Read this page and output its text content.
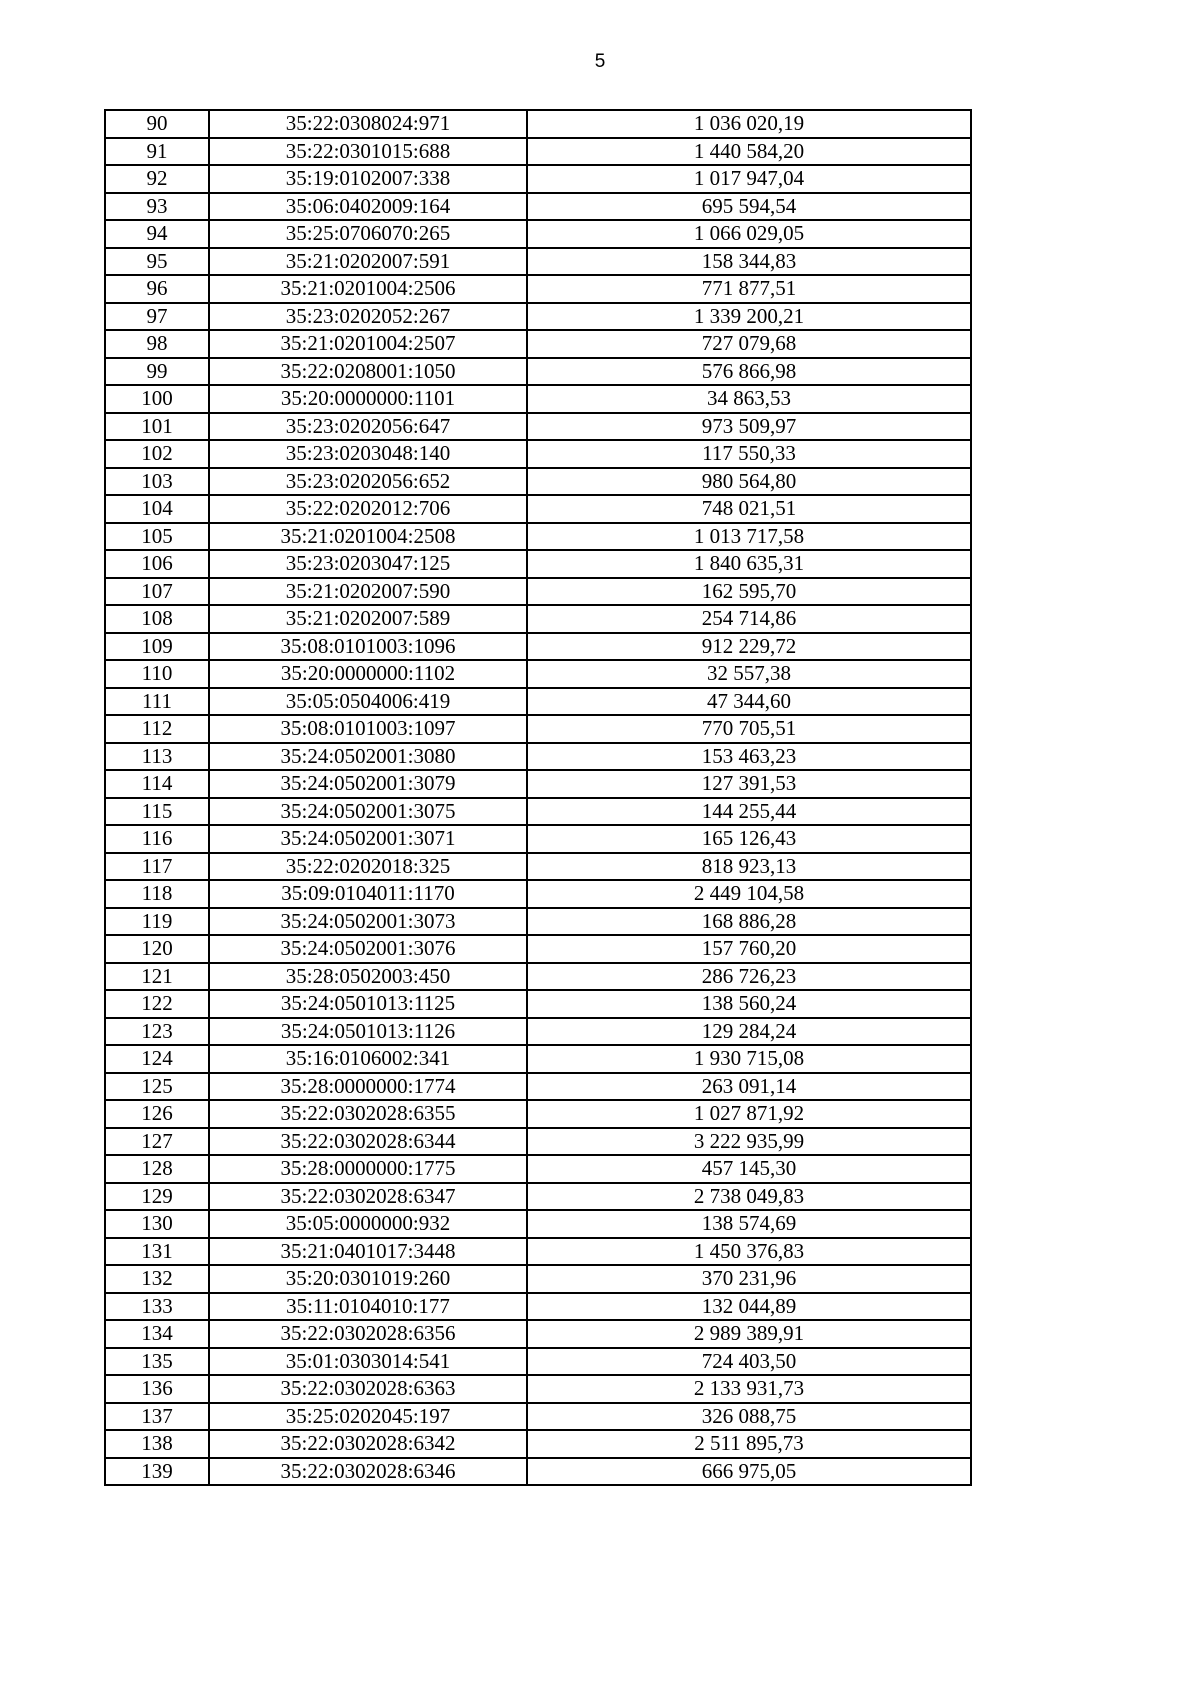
5
90	35:22:0308024:971	1 036 020,19
91	35:22:0301015:688	1 440 584,20
92	35:19:0102007:338	1 017 947,04
93	35:06:0402009:164	695 594,54
94	35:25:0706070:265	1 066 029,05
95	35:21:0202007:591	158 344,83
96	35:21:0201004:2506	771 877,51
97	35:23:0202052:267	1 339 200,21
98	35:21:0201004:2507	727 079,68
99	35:22:0208001:1050	576 866,98
100	35:20:0000000:1101	34 863,53
101	35:23:0202056:647	973 509,97
102	35:23:0203048:140	117 550,33
103	35:23:0202056:652	980 564,80
104	35:22:0202012:706	748 021,51
105	35:21:0201004:2508	1 013 717,58
106	35:23:0203047:125	1 840 635,31
107	35:21:0202007:590	162 595,70
108	35:21:0202007:589	254 714,86
109	35:08:0101003:1096	912 229,72
110	35:20:0000000:1102	32 557,38
111	35:05:0504006:419	47 344,60
112	35:08:0101003:1097	770 705,51
113	35:24:0502001:3080	153 463,23
114	35:24:0502001:3079	127 391,53
115	35:24:0502001:3075	144 255,44
116	35:24:0502001:3071	165 126,43
117	35:22:0202018:325	818 923,13
118	35:09:0104011:1170	2 449 104,58
119	35:24:0502001:3073	168 886,28
120	35:24:0502001:3076	157 760,20
121	35:28:0502003:450	286 726,23
122	35:24:0501013:1125	138 560,24
123	35:24:0501013:1126	129 284,24
124	35:16:0106002:341	1 930 715,08
125	35:28:0000000:1774	263 091,14
126	35:22:0302028:6355	1 027 871,92
127	35:22:0302028:6344	3 222 935,99
128	35:28:0000000:1775	457 145,30
129	35:22:0302028:6347	2 738 049,83
130	35:05:0000000:932	138 574,69
131	35:21:0401017:3448	1 450 376,83
132	35:20:0301019:260	370 231,96
133	35:11:0104010:177	132 044,89
134	35:22:0302028:6356	2 989 389,91
135	35:01:0303014:541	724 403,50
136	35:22:0302028:6363	2 133 931,73
137	35:25:0202045:197	326 088,75
138	35:22:0302028:6342	2 511 895,73
139	35:22:0302028:6346	666 975,05
